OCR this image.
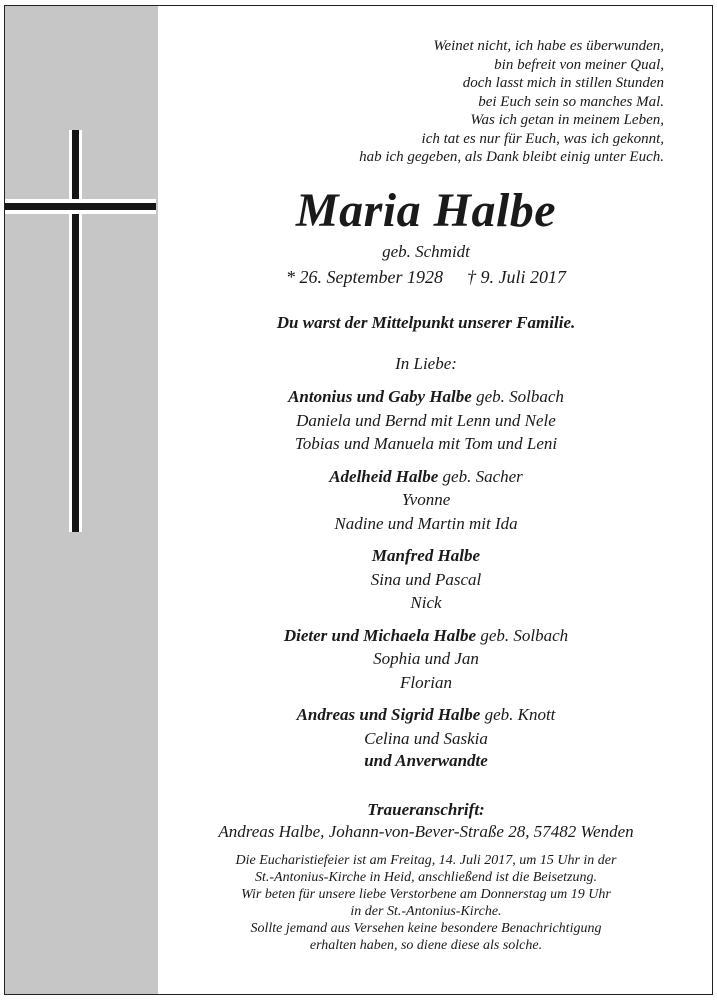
Weinet nicht, ich habe es überwunden,
bin befreit von meiner Qual,
doch lasst mich in stillen Stunden
bei Euch sein so manches Mal.
Was ich getan in meinem Leben,
ich tat es nur für Euch, was ich gekonnt,
hab ich gegeben, als Dank bleibt einig unter Euch.
Maria Halbe
geb. Schmidt
* 26. September 1928 † 9. Juli 2017
Du warst der Mittelpunkt unserer Familie.
In Liebe:
Antonius und Gaby Halbe geb. Solbach
Daniela und Bernd mit Lenn und Nele
Tobias und Manuela mit Tom und Leni
Adelheid Halbe geb. Sacher
Yvonne
Nadine und Martin mit Ida
Manfred Halbe
Sina und Pascal
Nick
Dieter und Michaela Halbe geb. Solbach
Sophia und Jan
Florian
Andreas und Sigrid Halbe geb. Knott
Celina und Saskia
und Anverwandte
Traueranschrift:
Andreas Halbe, Johann-von-Bever-Straße 28, 57482 Wenden
Die Eucharistiefeier ist am Freitag, 14. Juli 2017, um 15 Uhr in der
St.-Antonius-Kirche in Heid, anschließend ist die Beisetzung.
Wir beten für unsere liebe Verstorbene am Donnerstag um 19 Uhr
in der St.-Antonius-Kirche.
Sollte jemand aus Versehen keine besondere Benachrichtigung
erhalten haben, so diene diese als solche.
